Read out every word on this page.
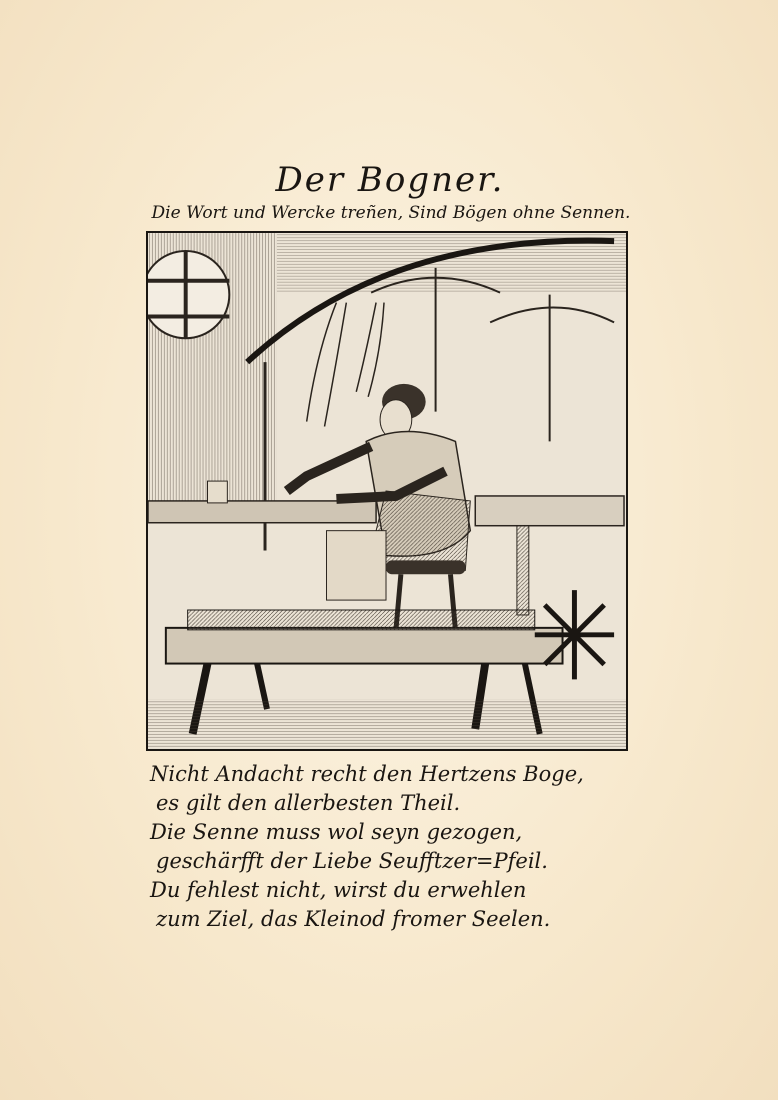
Der Bogner.
Die Wort und Wercke treñen, Sind Bögen ohne Sennen.
Nicht Andacht recht den Hertzens Boge,
es gilt den allerbesten Theil.
Die Senne muss wol seyn gezogen,
geschärfft der Liebe Seufftzer=Pfeil.
Du fehlest nicht, wirst du erwehlen
zum Ziel, das Kleinod fromer Seelen.
